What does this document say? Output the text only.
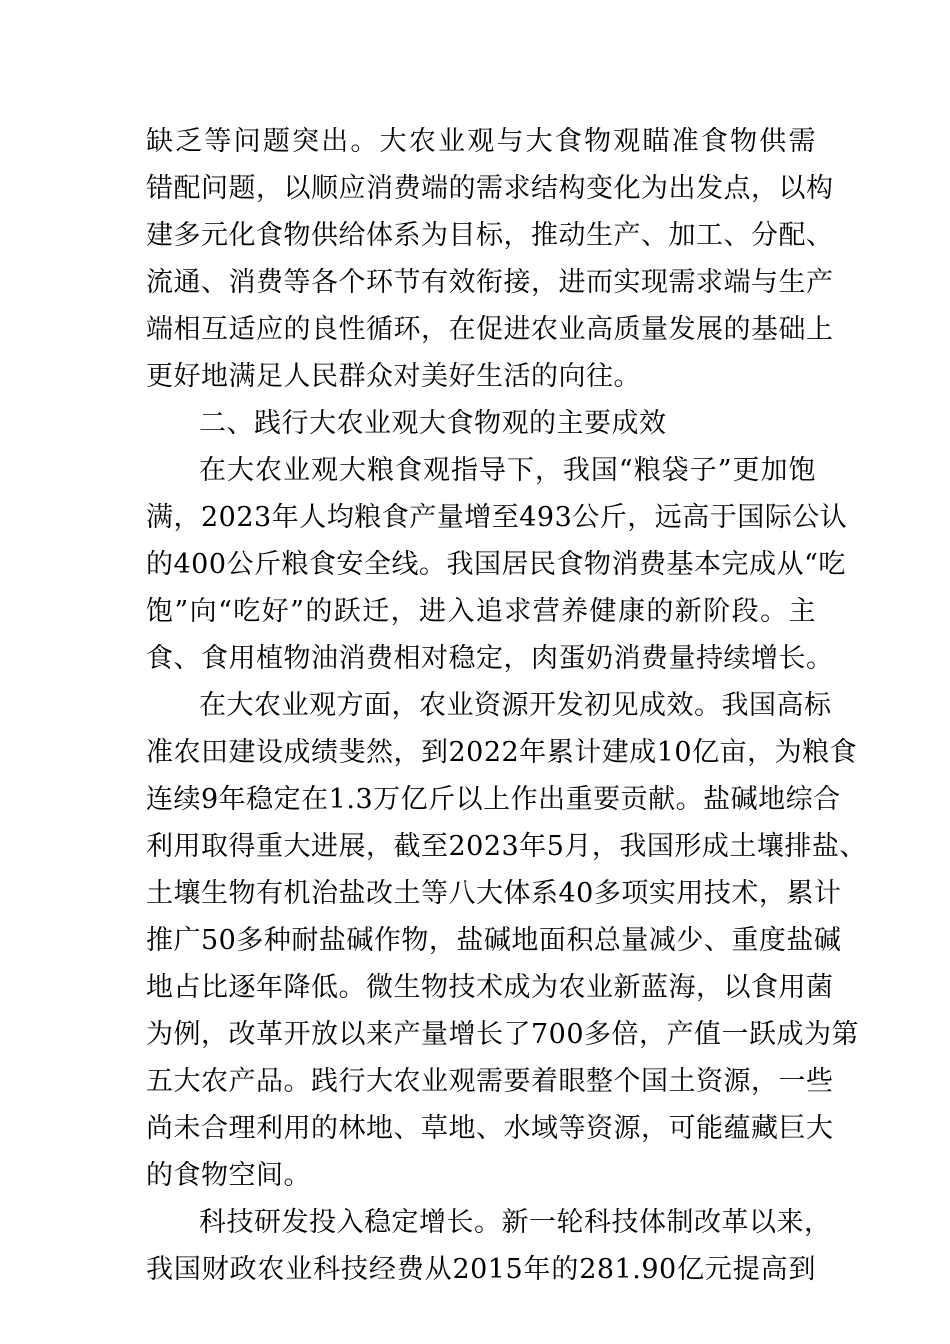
缺乏等问题突出。大农业观与大食物观瞄准食物供需
错配问题，以顺应消费端的需求结构变化为出发点，以构
建多元化食物供给体系为目标，推动生产、加工、分配、
流通、消费等各个环节有效衔接，进而实现需求端与生产
端相互适应的良性循环，在促进农业高质量发展的基础上
更好地满足人民群众对美好生活的向往。
二、践行大农业观大食物观的主要成效
在大农业观大粮食观指导下，我国“粮袋子”更加饱
满，2023年人均粮食产量增至493公斤，远高于国际公认
的400公斤粮食安全线。我国居民食物消费基本完成从“吃
饱”向“吃好”的跃迁，进入追求营养健康的新阶段。主
食、食用植物油消费相对稳定，肉蛋奶消费量持续增长。
在大农业观方面，农业资源开发初见成效。我国高标
准农田建设成绩斐然，到2022年累计建成10亿亩，为粮食
连续9年稳定在1.3万亿斤以上作出重要贡献。盐碱地综合
利用取得重大进展，截至2023年5月，我国形成土壤排盐、
土壤生物有机治盐改土等八大体系40多项实用技术，累计
推广50多种耐盐碱作物，盐碱地面积总量减少、重度盐碱
地占比逐年降低。微生物技术成为农业新蓝海，以食用菌
为例，改革开放以来产量增长了700多倍，产值一跃成为第
五大农产品。践行大农业观需要着眼整个国土资源，一些
尚未合理利用的林地、草地、水域等资源，可能蕴藏巨大
的食物空间。
科技研发投入稳定增长。新一轮科技体制改革以来，
我国财政农业科技经费从2015年的281.90亿元提高到
